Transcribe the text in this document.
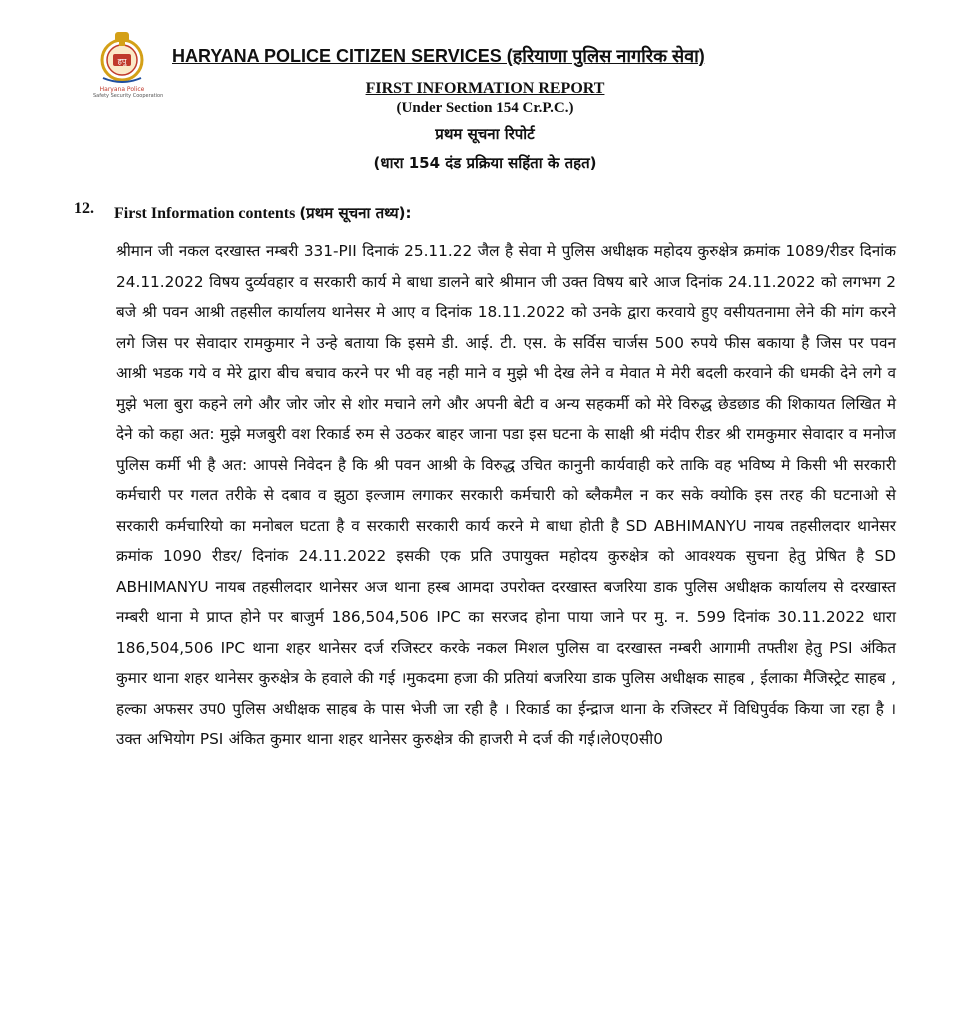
हपु
Haryana Police
Safety Security Cooperation
HARYANA POLICE CITIZEN SERVICES (हरियाणा पुलिस नागरिक सेवा)
FIRST INFORMATION REPORT
(Under Section 154 Cr.P.C.)
प्रथम सूचना रिपोर्ट
(धारा 154 दंड प्रक्रिया सहिंता के तहत)
12. First Information contents (प्रथम सूचना तथ्य):
श्रीमान जी नकल दरखास्त नम्बरी 331-PII दिनाकं 25.11.22 जैल है सेवा मे पुलिस अधीक्षक महोदय कुरुक्षेत्र क्रमांक 1089/रीडर दिनांक 24.11.2022 विषय दुर्व्यवहार व सरकारी कार्य मे बाधा डालने बारे श्रीमान जी उक्त विषय बारे आज दिनांक 24.11.2022 को लगभग 2 बजे श्री पवन आश्री तहसील कार्यालय थानेसर मे आए व दिनांक 18.11.2022 को उनके द्वारा करवाये हुए वसीयतनामा लेने की मांग करने लगे जिस पर सेवादार रामकुमार ने उन्हे बताया कि इसमे डी. आई. टी. एस. के सर्विस चार्जस 500 रुपये फीस बकाया है जिस पर पवन आश्री भडक गये व मेरे द्वारा बीच बचाव करने पर भी वह नही माने व मुझे भी देख लेने व मेवात मे मेरी बदली करवाने की धमकी देने लगे व मुझे भला बुरा कहने लगे और जोर जोर से शोर मचाने लगे और अपनी बेटी व अन्य सहकर्मी को मेरे विरुद्ध छेडछाड की शिकायत लिखित मे देने को कहा अत: मुझे मजबुरी वश रिकार्ड रुम से उठकर बाहर जाना पडा इस घटना के साक्षी श्री मंदीप रीडर श्री रामकुमार सेवादार व मनोज पुलिस कर्मी भी है अत: आपसे निवेदन है कि श्री पवन आश्री के विरुद्ध उचित कानुनी कार्यवाही करे ताकि वह भविष्य मे किसी भी सरकारी कर्मचारी पर गलत तरीके से दबाव व झुठा इल्जाम लगाकर सरकारी कर्मचारी को ब्लैकमैल न कर सके क्योकि इस तरह की घटनाओ से सरकारी कर्मचारियो का मनोबल घटता है व सरकारी सरकारी कार्य करने मे बाधा होती है SD ABHIMANYU नायब तहसीलदार थानेसर क्रमांक 1090 रीडर/ दिनांक 24.11.2022 इसकी एक प्रति उपायुक्त महोदय कुरुक्षेत्र को आवश्यक सुचना हेतु प्रेषित है SD ABHIMANYU नायब तहसीलदार थानेसर अज थाना हस्ब आमदा उपरोक्त दरखास्त बजरिया डाक पुलिस अधीक्षक कार्यालय से दरखास्त नम्बरी थाना मे प्राप्त होने पर बाजुर्म 186,504,506 IPC का सरजद होना पाया जाने पर मु. न. 599 दिनांक 30.11.2022 धारा 186,504,506 IPC थाना शहर थानेसर दर्ज रजिस्टर करके नकल मिशल पुलिस वा दरखास्त नम्बरी आगामी तफ्तीश हेतु PSI अंकित कुमार थाना शहर थानेसर कुरुक्षेत्र के हवाले की गई ।मुकदमा हजा की प्रतियां बजरिया डाक पुलिस अधीक्षक साहब , ईलाका मैजिस्ट्रेट साहब , हल्का अफसर उप0 पुलिस अधीक्षक साहब के पास भेजी जा रही है । रिकार्ड का ईन्द्राज थाना के रजिस्टर में विधिपुर्वक किया जा रहा है । उक्त अभियोग PSI अंकित कुमार थाना शहर थानेसर कुरुक्षेत्र की हाजरी मे दर्ज की गई।ले0ए0सी0
